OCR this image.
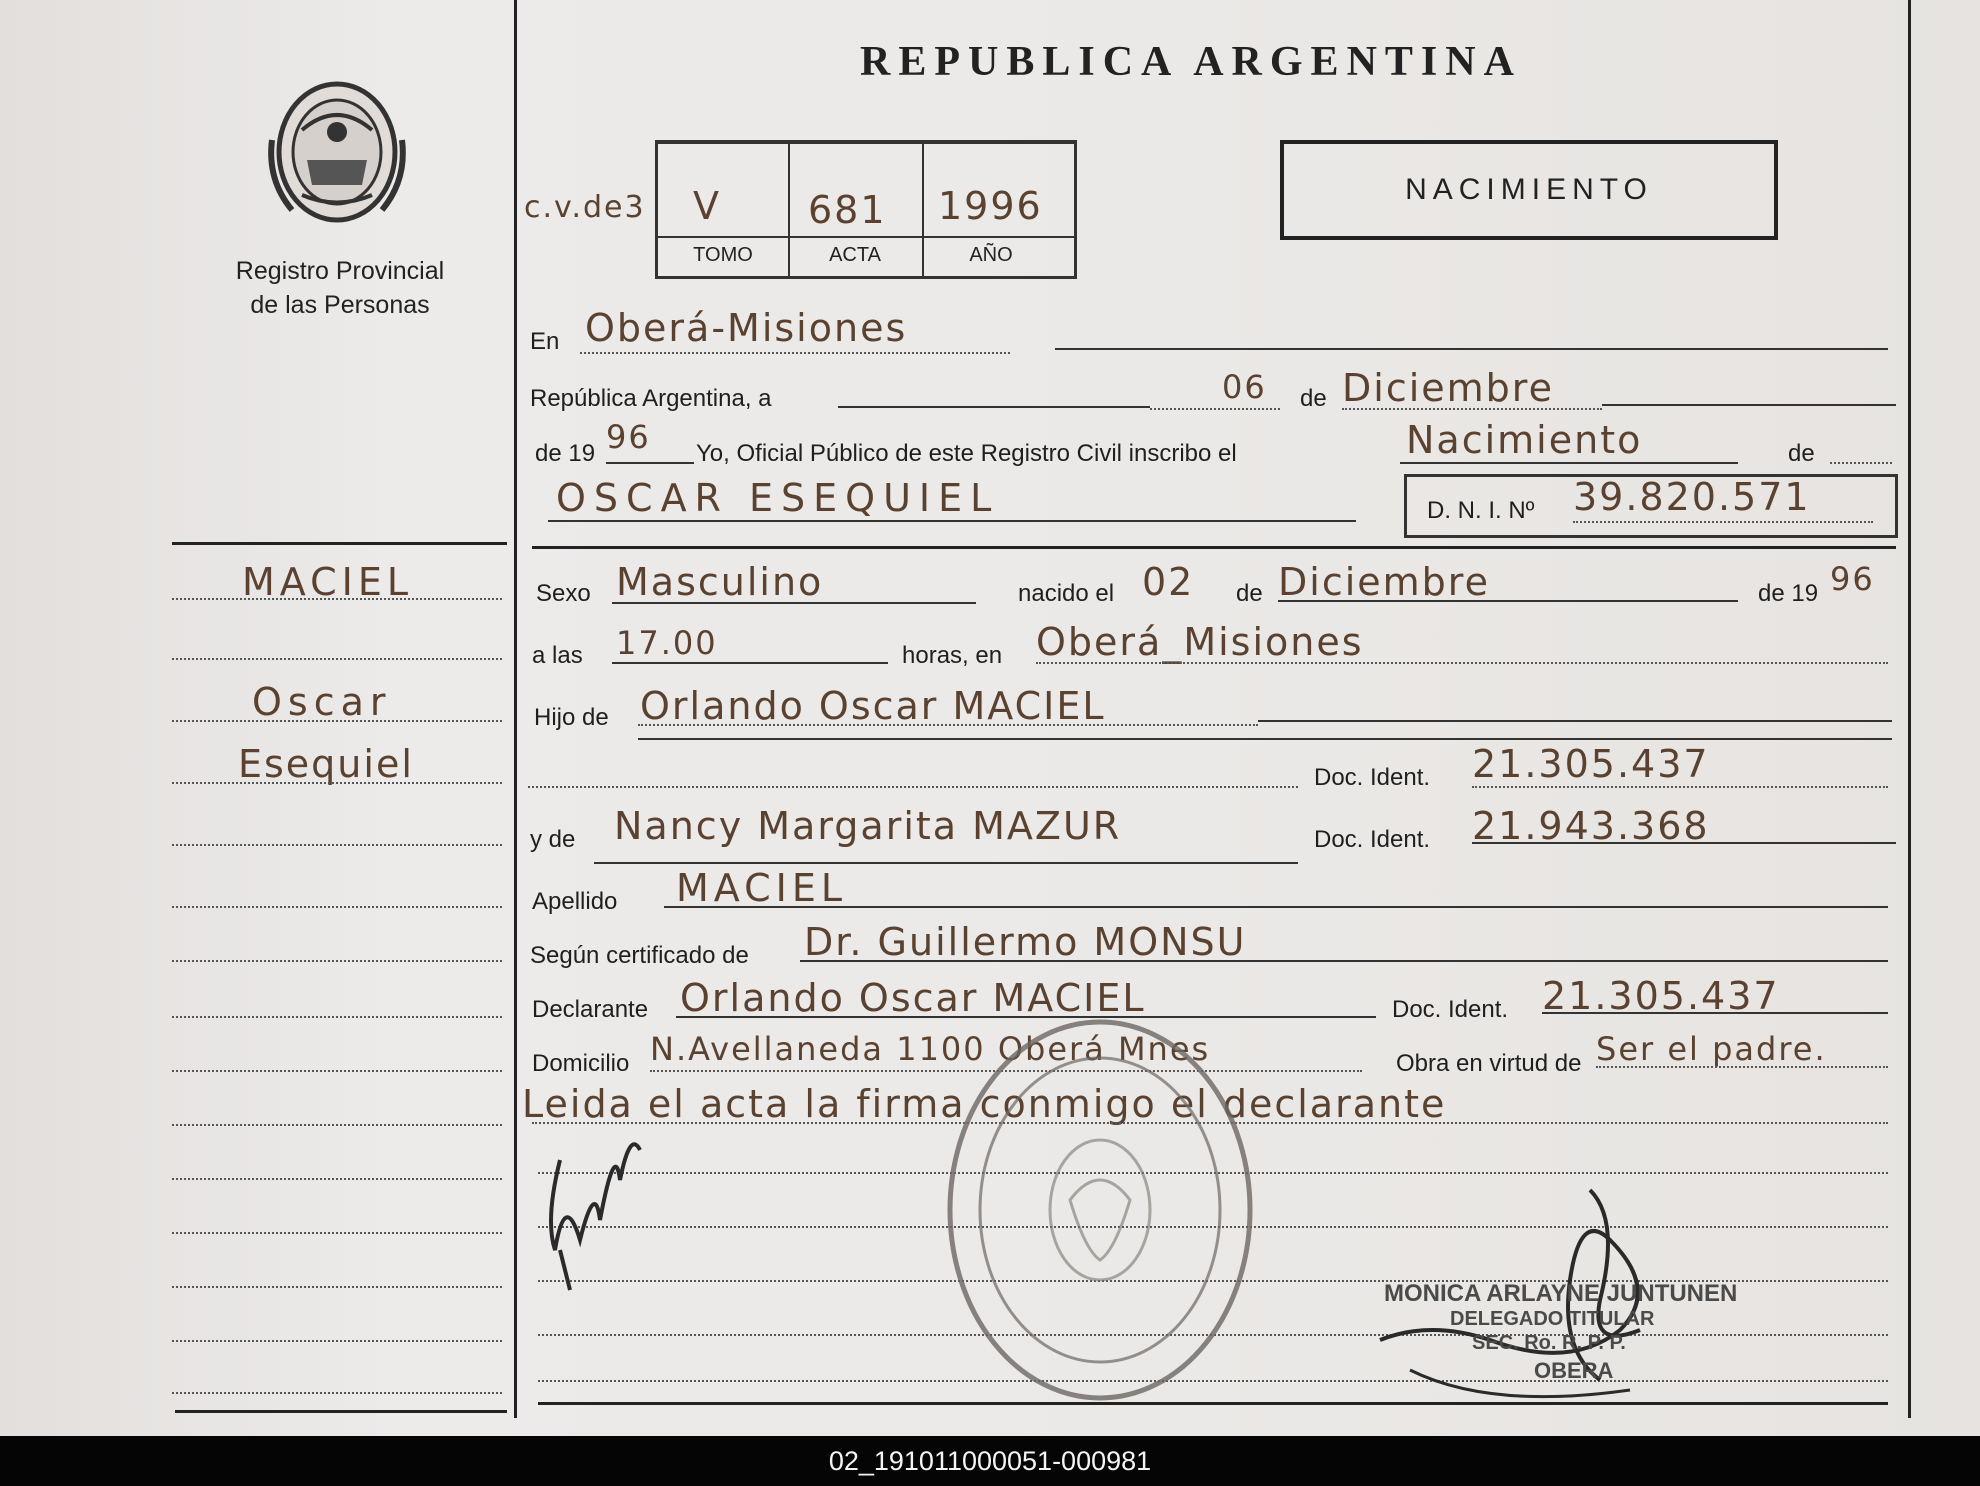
Registro Provincial
de las Personas
REPUBLICA ARGENTINA
c.v.de3 V 681 1996
TOMO	ACTA	AÑO
NACIMIENTO
En Oberá-Misiones
República Argentina, a	06 de Diciembre
de 19 96 Yo, Oficial Público de este Registro Civil inscribo el	Nacimiento	de
OSCAR ESEQUIEL	D. N. I. Nº 39.820.571
Sexo Masculino	nacido el 02 de Diciembre	de 19 96
a las 17.00	horas, en Oberá_Misiones
Hijo de Orlando Oscar MACIEL
Doc. Ident. 21.305.437
y de Nancy Margarita MAZUR	Doc. Ident. 21.943.368
Apellido MACIEL
Según certificado de Dr. Guillermo MONSU
Declarante Orlando Oscar MACIEL	Doc. Ident. 21.305.437
Domicilio N.Avellaneda 1100 Oberá Mnes	Obra en virtud de Ser el padre.
Leida el acta la firma conmigo el declarante
MACIEL
Oscar
Esequiel
MONICA ARLAYNE JUNTUNEN
DELEGADO TITULAR
SEC. Ro. R. P. P.
OBERA
02_191011000051-000981
